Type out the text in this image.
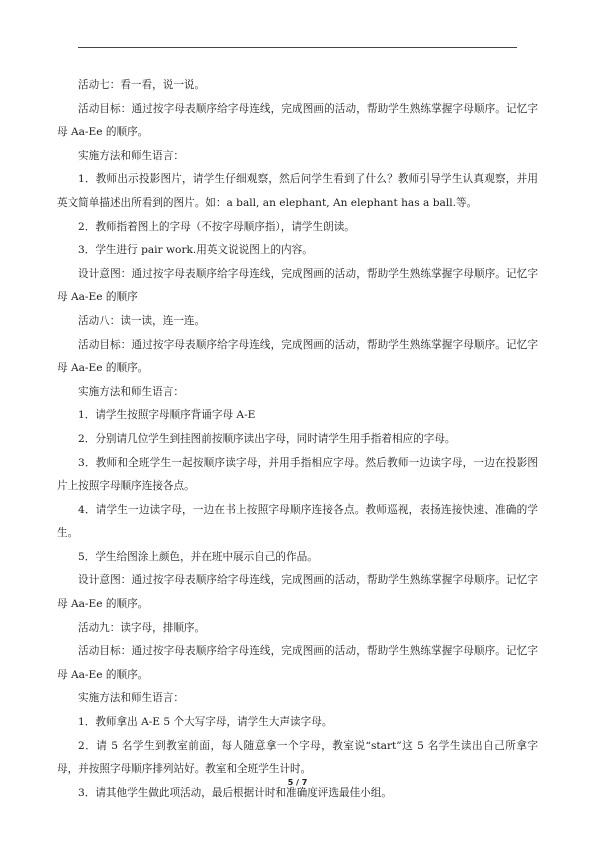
活动七：看一看，说一说。

活动目标：通过按字母表顺序给字母连线，完成图画的活动，帮助学生熟练掌握字母顺序。记忆字母 Aa-Ee 的顺序。

实施方法和师生语言：

1．教师出示投影图片，请学生仔细观察，然后问学生看到了什么？教师引导学生认真观察，并用英文简单描述出所看到的图片。如：a ball, an elephant, An elephant has a ball.等。

2．教师指着图上的字母（不按字母顺序指），请学生朗读。

3．学生进行 pair work.用英文说说图上的内容。

设计意图：通过按字母表顺序给字母连线，完成图画的活动，帮助学生熟练掌握字母顺序。记忆字母 Aa-Ee 的顺序

活动八：读一读，连一连。

活动目标：通过按字母表顺序给字母连线，完成图画的活动，帮助学生熟练掌握字母顺序。记忆字母 Aa-Ee 的顺序。

实施方法和师生语言：

1．请学生按照字母顺序背诵字母 A-E

2．分别请几位学生到挂图前按顺序读出字母，同时请学生用手指着相应的字母。

3．教师和全班学生一起按顺序读字母，并用手指相应字母。然后教师一边读字母，一边在投影图片上按照字母顺序连接各点。

4．请学生一边读字母，一边在书上按照字母顺序连接各点。教师巡视，表扬连接快速、准确的学生。

5．学生给图涂上颜色，并在班中展示自己的作品。

设计意图：通过按字母表顺序给字母连线，完成图画的活动，帮助学生熟练掌握字母顺序。记忆字母 Aa-Ee 的顺序。

活动九：读字母，排顺序。

活动目标：通过按字母表顺序给字母连线，完成图画的活动，帮助学生熟练掌握字母顺序。记忆字母 Aa-Ee 的顺序。

实施方法和师生语言：

1．教师拿出 A-E 5 个大写字母，请学生大声读字母。

2．请 5 名学生到教室前面，每人随意拿一个字母，教室说“start”这 5 名学生读出自己所拿字母，并按照字母顺序排列站好。教室和全班学生计时。

3．请其他学生做此项活动，最后根据计时和准确度评选最佳小组。

5 / 7
